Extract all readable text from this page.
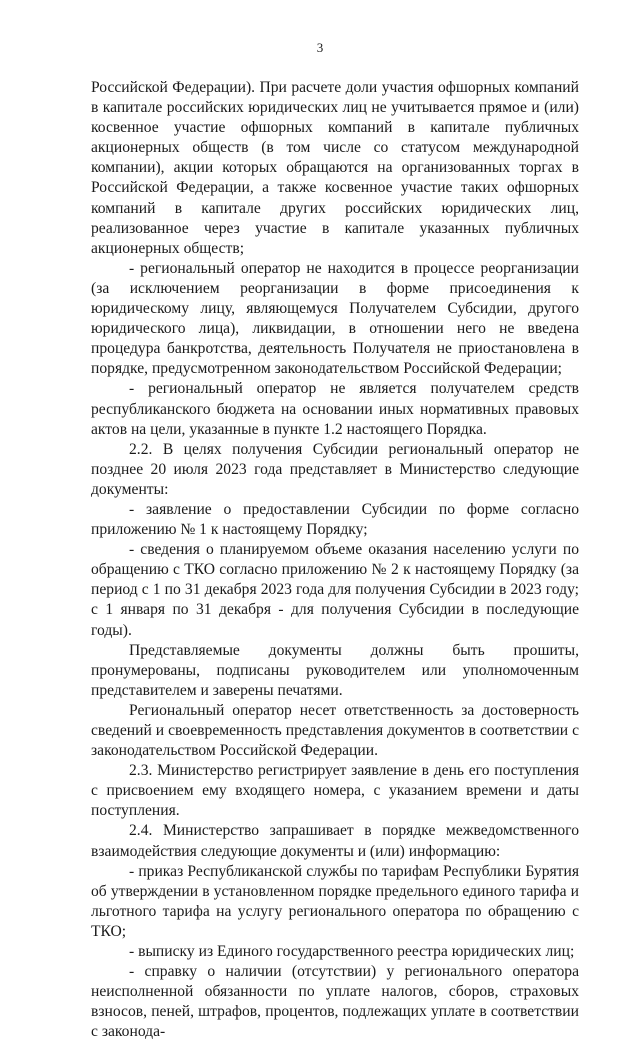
3

Российской Федерации). При расчете доли участия офшорных компаний в капитале российских юридических лиц не учитывается прямое и (или) косвенное участие офшорных компаний в капитале публичных акционерных обществ (в том числе со статусом международной компании), акции которых обращаются на организованных торгах в Российской Федерации, а также косвенное участие таких офшорных компаний в капитале других российских юридических лиц, реализованное через участие в капитале указанных публичных акционерных обществ;

- региональный оператор не находится в процессе реорганизации (за исключением реорганизации в форме присоединения к юридическому лицу, являющемуся Получателем Субсидии, другого юридического лица), ликвидации, в отношении него не введена процедура банкротства, деятельность Получателя не приостановлена в порядке, предусмотренном законодательством Российской Федерации;

- региональный оператор не является получателем средств республиканского бюджета на основании иных нормативных правовых актов на цели, указанные в пункте 1.2 настоящего Порядка.

2.2. В целях получения Субсидии региональный оператор не позднее 20 июля 2023 года представляет в Министерство следующие документы:

- заявление о предоставлении Субсидии по форме согласно приложению № 1 к настоящему Порядку;

- сведения о планируемом объеме оказания населению услуги по обращению с ТКО согласно приложению № 2 к настоящему Порядку (за период с 1 по 31 декабря 2023 года для получения Субсидии в 2023 году; с 1 января по 31 декабря - для получения Субсидии в последующие годы).

Представляемые документы должны быть прошиты, пронумерованы, подписаны руководителем или уполномоченным представителем и заверены печатями.

Региональный оператор несет ответственность за достоверность сведений и своевременность представления документов в соответствии с законодательством Российской Федерации.

2.3. Министерство регистрирует заявление в день его поступления с присвоением ему входящего номера, с указанием времени и даты поступления.

2.4. Министерство запрашивает в порядке межведомственного взаимодействия следующие документы и (или) информацию:

- приказ Республиканской службы по тарифам Республики Бурятия об утверждении в установленном порядке предельного единого тарифа и льготного тарифа на услугу регионального оператора по обращению с ТКО;

- выписку из Единого государственного реестра юридических лиц;

- справку о наличии (отсутствии) у регионального оператора неисполненной обязанности по уплате налогов, сборов, страховых взносов, пеней, штрафов, процентов, подлежащих уплате в соответствии с законода-
